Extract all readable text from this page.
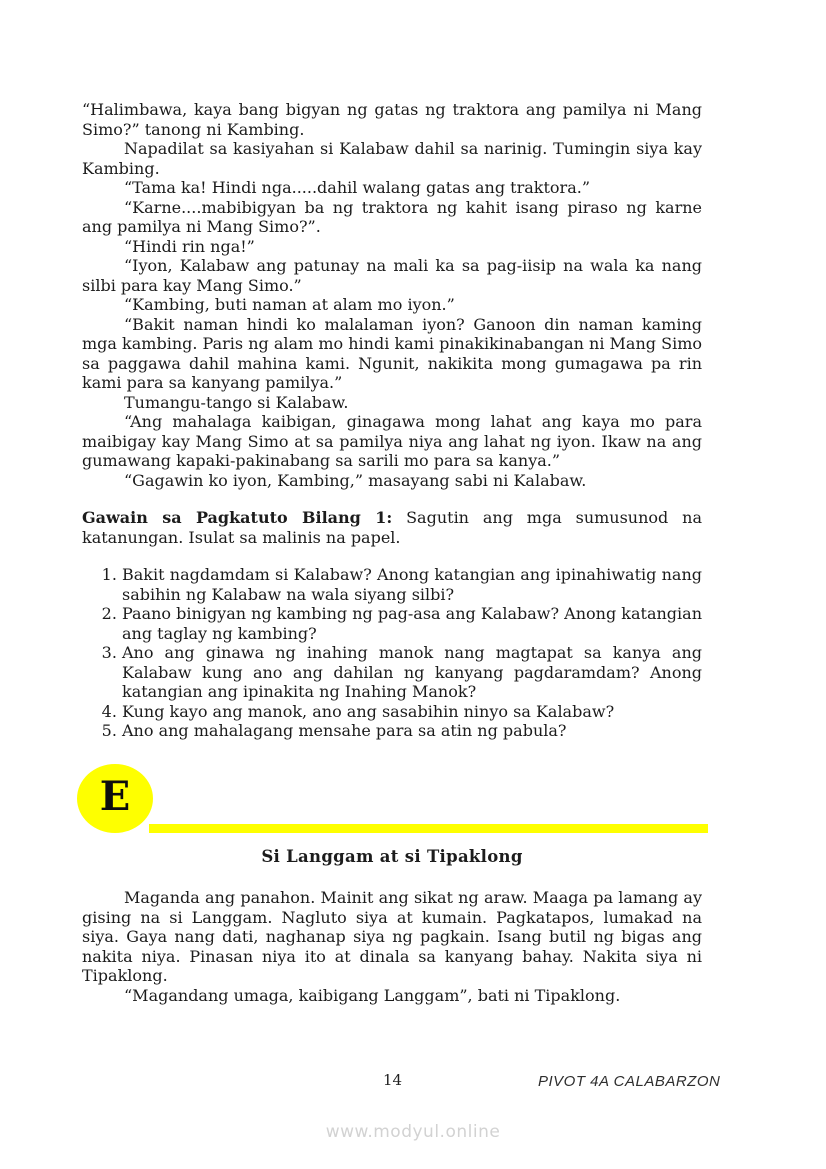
“Halimbawa, kaya bang bigyan ng gatas ng traktora ang pamilya ni Mang Simo?” tanong ni Kambing.

Napadilat sa kasiyahan si Kalabaw dahil sa narinig. Tumingin siya kay Kambing.

“Tama ka! Hindi nga.....dahil walang gatas ang traktora.”

“Karne....mabibigyan ba ng traktora ng kahit isang piraso ng karne ang pamilya ni Mang Simo?”.

“Hindi rin nga!”

“Iyon, Kalabaw ang patunay na mali ka sa pag-iisip na wala ka nang silbi para kay Mang Simo.”

“Kambing, buti naman at alam mo iyon.”

“Bakit naman hindi ko malalaman iyon? Ganoon din naman kaming mga kambing. Paris ng alam mo hindi kami pinakikinabangan ni Mang Simo sa paggawa dahil mahina kami. Ngunit, nakikita mong gumagawa pa rin kami para sa kanyang pamilya.”

Tumangu-tango si Kalabaw.

“Ang mahalaga kaibigan, ginagawa mong lahat ang kaya mo para maibigay kay Mang Simo at sa pamilya niya ang lahat ng iyon. Ikaw na ang gumawang kapaki-pakinabang sa sarili mo para sa kanya.”

“Gagawin ko iyon, Kambing,” masayang sabi ni Kalabaw.

Gawain sa Pagkatuto Bilang 1: Sagutin ang mga sumusunod na katanungan. Isulat sa malinis na papel.

1. Bakit nagdamdam si Kalabaw? Anong katangian ang ipinahiwatig nang sabihin ng Kalabaw na wala siyang silbi?
2. Paano binigyan ng kambing ng pag-asa ang Kalabaw? Anong katangian ang taglay ng kambing?
3. Ano ang ginawa ng inahing manok nang magtapat sa kanya ang Kalabaw kung ano ang dahilan ng kanyang pagdaramdam? Anong katangian ang ipinakita ng Inahing Manok?
4. Kung kayo ang manok, ano ang sasabihin ninyo sa Kalabaw?
5. Ano ang mahalagang mensahe para sa atin ng pabula?
E

Si Langgam at si Tipaklong

Maganda ang panahon. Mainit ang sikat ng araw. Maaga pa lamang ay gising na si Langgam. Nagluto siya at kumain. Pagkatapos, lumakad na siya. Gaya nang dati, naghanap siya ng pagkain. Isang butil ng bigas ang nakita niya. Pinasan niya ito at dinala sa kanyang bahay. Nakita siya ni Tipaklong.

“Magandang umaga, kaibigang Langgam”, bati ni Tipaklong.

14	PIVOT 4A CALABARZON
www.modyul.online
